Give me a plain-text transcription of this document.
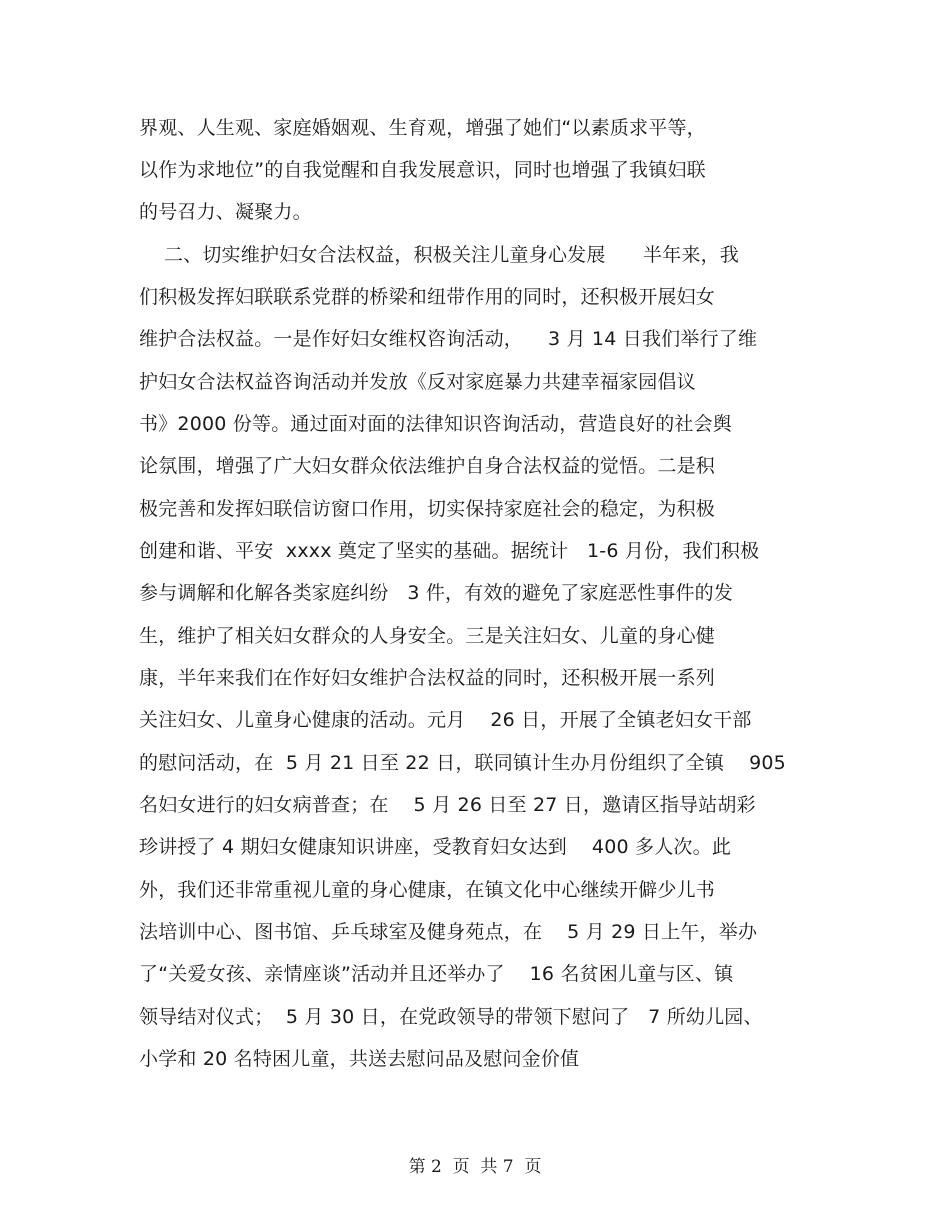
界观、人生观、家庭婚姻观、生育观，增强了她们“以素质求平等，
以作为求地位”的自我觉醒和自我发展意识，同时也增强了我镇妇联
的号召力、凝聚力。
二、切实维护妇女合法权益，积极关注儿童身心发展      半年来，我
们积极发挥妇联联系党群的桥梁和纽带作用的同时，还积极开展妇女
维护合法权益。一是作好妇女维权咨询活动，    3 月 14 日我们举行了维
护妇女合法权益咨询活动并发放《反对家庭暴力共建幸福家园倡议
书》2000 份等。通过面对面的法律知识咨询活动，营造良好的社会舆
论氛围，增强了广大妇女群众依法维护自身合法权益的觉悟。二是积
极完善和发挥妇联信访窗口作用，切实保持家庭社会的稳定，为积极
创建和谐、平安  xxxx 奠定了坚实的基础。据统计   1-6 月份，我们积极
参与调解和化解各类家庭纠纷   3 件，有效的避免了家庭恶性事件的发
生，维护了相关妇女群众的人身安全。三是关注妇女、儿童的身心健
康，半年来我们在作好妇女维护合法权益的同时，还积极开展一系列
关注妇女、儿童身心健康的活动。元月    26 日，开展了全镇老妇女干部
的慰问活动，在  5 月 21 日至 22 日，联同镇计生办月份组织了全镇    905
名妇女进行的妇女病普查；在    5 月 26 日至 27 日，邀请区指导站胡彩
珍讲授了 4 期妇女健康知识讲座，受教育妇女达到    400 多人次。此
外，我们还非常重视儿童的身心健康，在镇文化中心继续开僻少儿书
法培训中心、图书馆、乒乓球室及健身苑点，在    5 月 29 日上午，举办
了“关爱女孩、亲情座谈”活动并且还举办了    16 名贫困儿童与区、镇
领导结对仪式；  5 月 30 日，在党政领导的带领下慰问了   7 所幼儿园、
小学和 20 名特困儿童，共送去慰问品及慰问金价值
第 2  页  共 7  页
